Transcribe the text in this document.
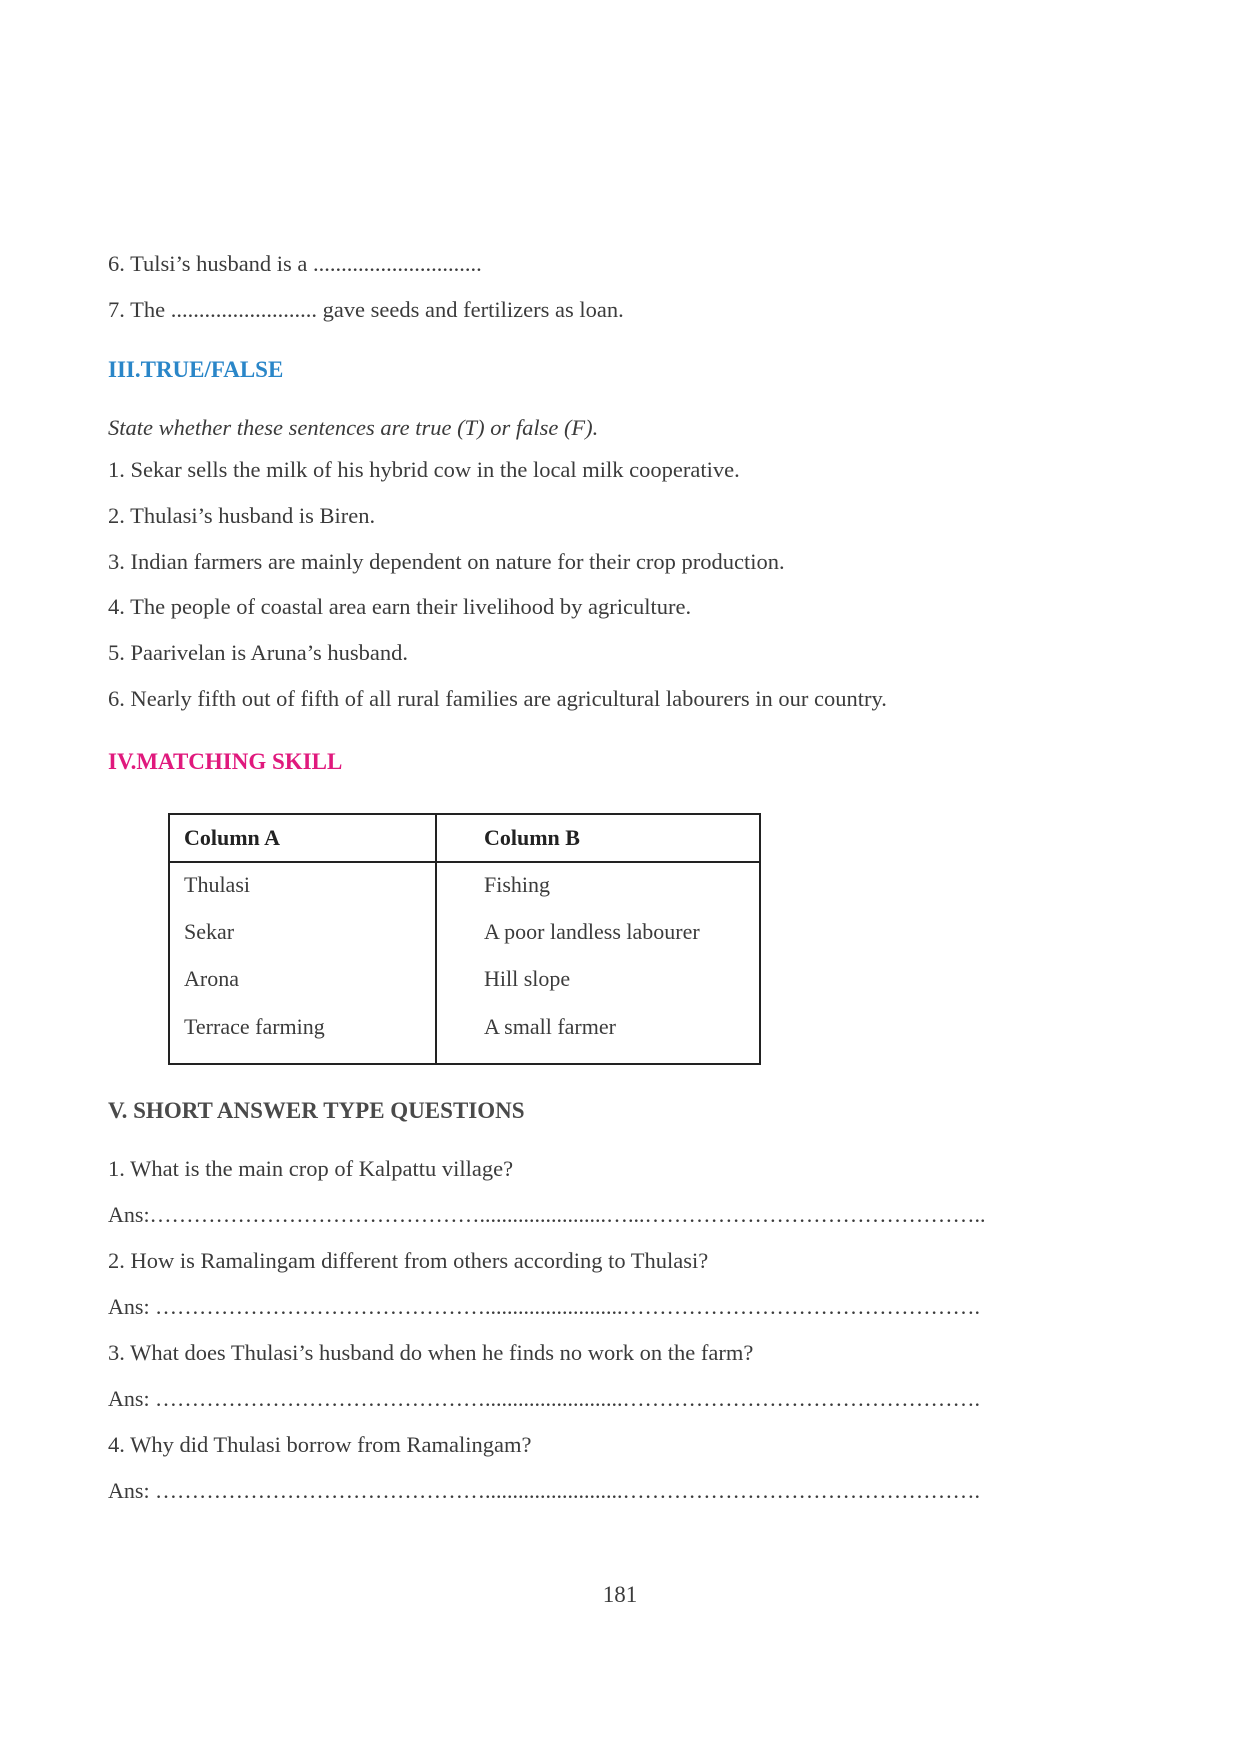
6. Tulsi’s husband is a ..............................
7. The .......................... gave seeds and fertilizers as loan.
III.TRUE/FALSE
State whether these sentences are true (T) or false (F).
1. Sekar sells the milk of his hybrid cow in the local milk cooperative.
2. Thulasi’s husband is Biren.
3. Indian farmers are mainly dependent on nature for their crop production.
4. The people of coastal area earn their livelihood by agriculture.
5. Paarivelan is Aruna’s husband.
6. Nearly fifth out of fifth of all rural families are agricultural labourers in our country.
IV.MATCHING SKILL
Column A	Column B
Thulasi
Sekar
Arona
Terrace farming
Fishing
A poor landless labourer
Hill slope
A small farmer
V. SHORT ANSWER TYPE QUESTIONS
1. What is the main crop of Kalpattu village?
Ans:……………………………………….......................…...………………………………………..
2. How is Ramalingam different from others according to Thulasi?
Ans: ……………………………………….........................………………………………………….
3. What does Thulasi’s husband do when he finds no work on the farm?
Ans: ……………………………………….........................………………………………………….
4. Why did Thulasi borrow from Ramalingam?
Ans: ……………………………………….........................………………………………………….
181
